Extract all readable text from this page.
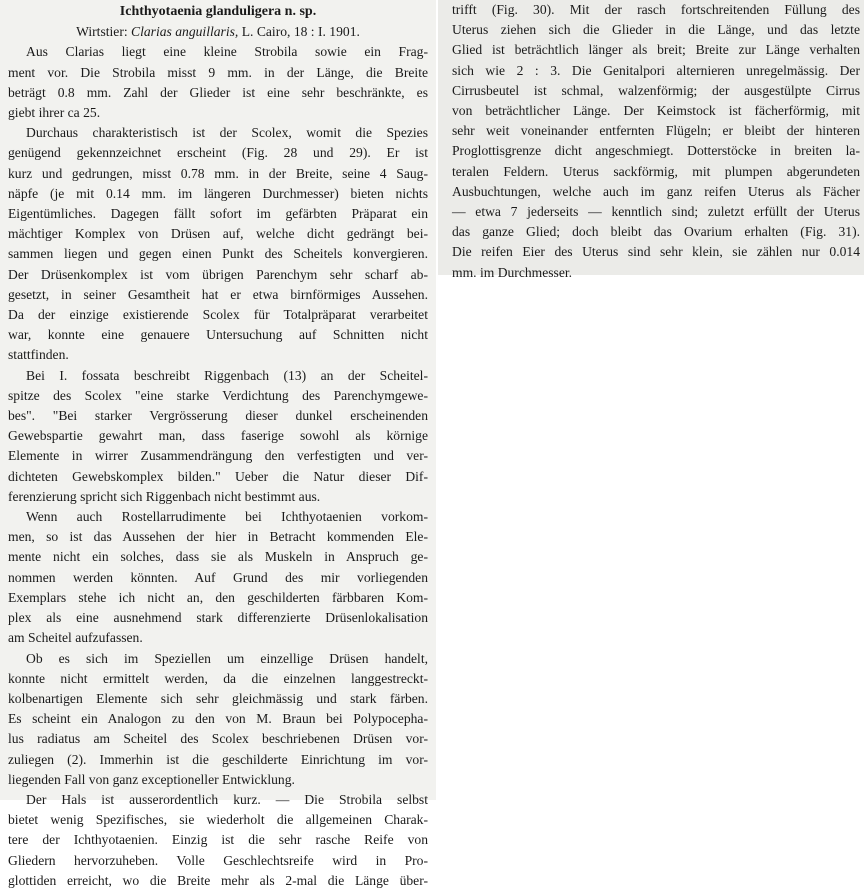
Ichthyotaenia glanduligera n. sp.
Wirtstier: Clarias anguillaris, L. Cairo, 18 : I. 1901.
Aus Clarias liegt eine kleine Strobila sowie ein Frag-
ment vor. Die Strobila misst 9 mm. in der Länge, die Breite
beträgt 0.8 mm. Zahl der Glieder ist eine sehr beschränkte, es
giebt ihrer ca 25.
Durchaus charakteristisch ist der Scolex, womit die Spezies
genügend gekennzeichnet erscheint (Fig. 28 und 29). Er ist
kurz und gedrungen, misst 0.78 mm. in der Breite, seine 4 Saug-
näpfe (je mit 0.14 mm. im längeren Durchmesser) bieten nichts
Eigentümliches. Dagegen fällt sofort im gefärbten Präparat ein
mächtiger Komplex von Drüsen auf, welche dicht gedrängt bei-
sammen liegen und gegen einen Punkt des Scheitels konvergieren.
Der Drüsenkomplex ist vom übrigen Parenchym sehr scharf ab-
gesetzt, in seiner Gesamtheit hat er etwa birnförmiges Aussehen.
Da der einzige existierende Scolex für Totalpräparat verarbeitet
war, konnte eine genauere Untersuchung auf Schnitten nicht
stattfinden.
Bei I. fossata beschreibt Riggenbach (13) an der Scheitel-
spitze des Scolex "eine starke Verdichtung des Parenchymgewe-
bes". "Bei starker Vergrösserung dieser dunkel erscheinenden
Gewebspartie gewahrt man, dass faserige sowohl als körnige
Elemente in wirrer Zusammendrängung den verfestigten und ver-
dichteten Gewebskomplex bilden." Ueber die Natur dieser Dif-
ferenzierung spricht sich Riggenbach nicht bestimmt aus.
Wenn auch Rostellarrudimente bei Ichthyotaenien vorkom-
men, so ist das Aussehen der hier in Betracht kommenden Ele-
mente nicht ein solches, dass sie als Muskeln in Anspruch ge-
nommen werden könnten. Auf Grund des mir vorliegenden
Exemplars stehe ich nicht an, den geschilderten färbbaren Kom-
plex als eine ausnehmend stark differenzierte Drüsenlokalisation
am Scheitel aufzufassen.
Ob es sich im Speziellen um einzellige Drüsen handelt,
konnte nicht ermittelt werden, da die einzelnen langgestreckt-
kolbenartigen Elemente sich sehr gleichmässig und stark färben.
Es scheint ein Analogon zu den von M. Braun bei Polypocepha-
lus radiatus am Scheitel des Scolex beschriebenen Drüsen vor-
zuliegen (2). Immerhin ist die geschilderte Einrichtung im vor-
liegenden Fall von ganz exceptioneller Entwicklung.
Der Hals ist ausserordentlich kurz. — Die Strobila selbst
bietet wenig Spezifisches, sie wiederholt die allgemeinen Charak-
tere der Ichthyotaenien. Einzig ist die sehr rasche Reife von
Gliedern hervorzuheben. Volle Geschlechtsreife wird in Pro-
glottiden erreicht, wo die Breite mehr als 2-mal die Länge über-
trifft (Fig. 30). Mit der rasch fortschreitenden Füllung des
Uterus ziehen sich die Glieder in die Länge, und das letzte
Glied ist beträchtlich länger als breit; Breite zur Länge verhalten
sich wie 2 : 3. Die Genitalpori alternieren unregelmässig. Der
Cirrusbeutel ist schmal, walzenförmig; der ausgestülpte Cirrus
von beträchtlicher Länge. Der Keimstock ist fächerförmig, mit
sehr weit voneinander entfernten Flügeln; er bleibt der hinteren
Proglottisgrenze dicht angeschmiegt. Dotterstöcke in breiten la-
teralen Feldern. Uterus sackförmig, mit plumpen abgerundeten
Ausbuchtungen, welche auch im ganz reifen Uterus als Fächer
— etwa 7 jederseits — kenntlich sind; zuletzt erfüllt der Uterus
das ganze Glied; doch bleibt das Ovarium erhalten (Fig. 31).
Die reifen Eier des Uterus sind sehr klein, sie zählen nur 0.014
mm. im Durchmesser.
